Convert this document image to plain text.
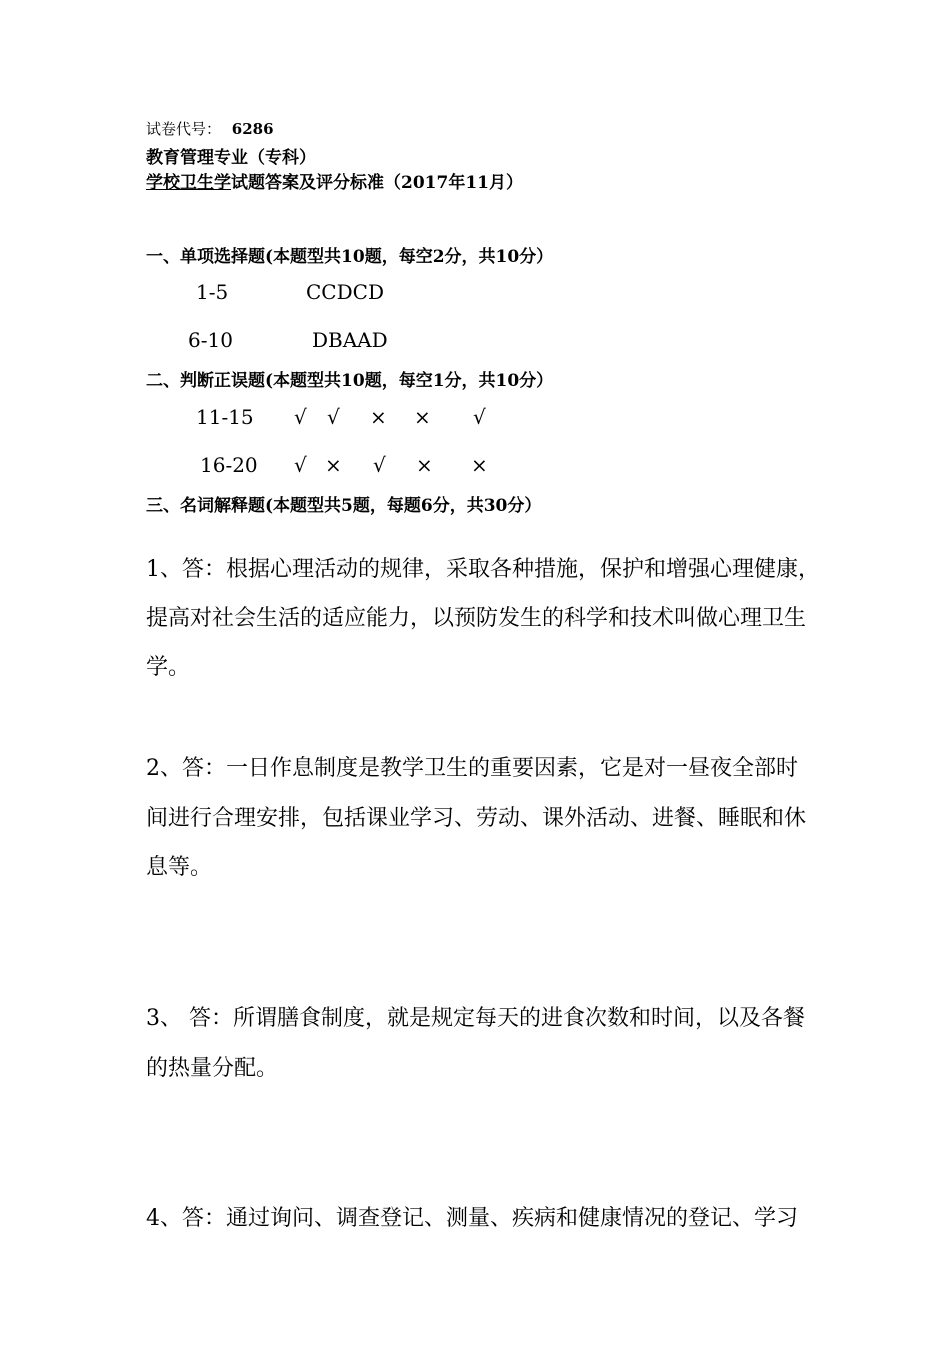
试卷代号： 6286
教育管理专业（专科）
学校卫生学试题答案及评分标准（2017年11月）
一、单项选择题(本题型共10题，每空2分，共10分）
1-5	CCDCD
6-10	DBAAD
二、判断正误题(本题型共10题，每空1分，共10分）
11-15 √ √ × × √
16-20 √ × √ × ×
三、名词解释题(本题型共5题，每题6分，共30分）
1、答：根据心理活动的规律，采取各种措施，保护和增强心理健康，
提高对社会生活的适应能力，以预防发生的科学和技术叫做心理卫生
学。
2、答：一日作息制度是教学卫生的重要因素，它是对一昼夜全部时
间进行合理安排，包括课业学习、劳动、课外活动、进餐、睡眠和休
息等。
3、 答：所谓膳食制度，就是规定每天的进食次数和时间，以及各餐
的热量分配。
4、答：通过询问、调查登记、测量、疾病和健康情况的登记、学习
